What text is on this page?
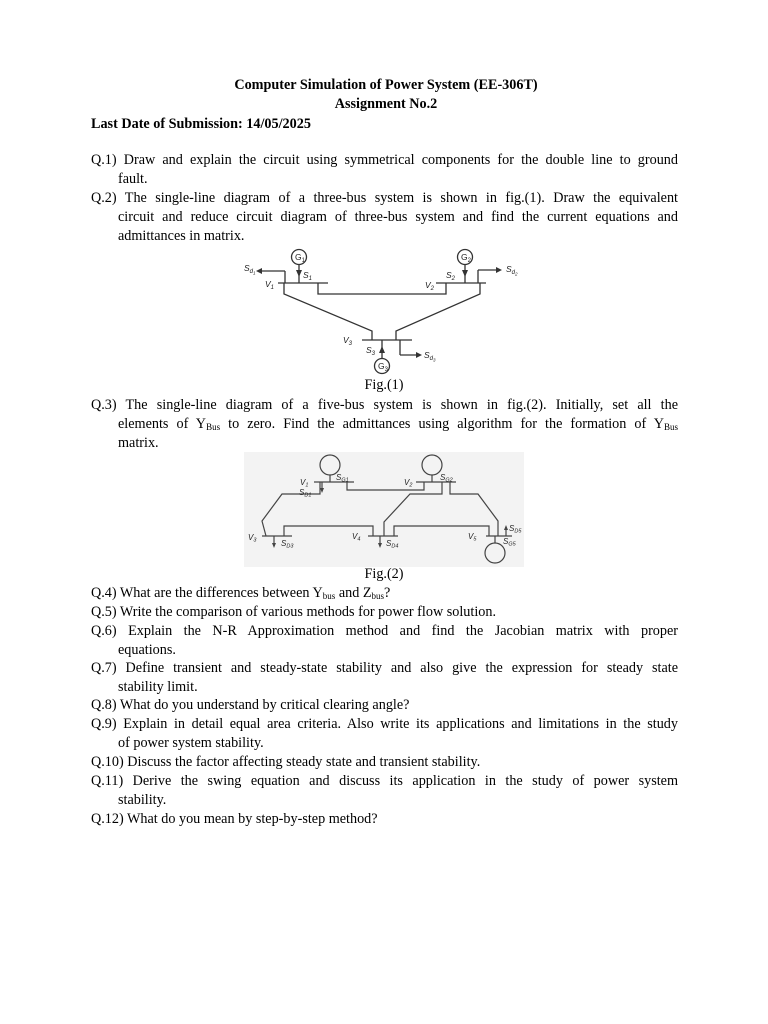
Computer Simulation of Power System (EE-306T)
Assignment No.2
Last Date of Submission: 14/05/2025
Q.1) Draw and explain the circuit using symmetrical components for the double line to ground
fault.
Q.2) The single-line diagram of a three-bus system is shown in fig.(1). Draw the equivalent
circuit and reduce circuit diagram of three-bus system and find the current equations and
admittances in matrix.
$G_1$	$G_2$
$G_3$
$S_d1$	$S_1$
$V_1$
$S_2$
$S_d2$
$V_2$
$V_3$
$S_3$	$S_d3$
Fig.(1)
Q.3) The single-line diagram of a five-bus system is shown in fig.(2). Initially, set all the
elements of $Y_{Bus}$ to zero. Find the admittances using algorithm for the formation of $Y_{Bus}$
matrix.
SG1	SG2
V1
SD1
V2
V3	SD3
V4	SD4
V5
SD5
SG5
Fig.(2)
Q.4) What are the differences between $Y_{bus}$ and $Z_{bus}$?
Q.5) Write the comparison of various methods for power flow solution.
Q.6) Explain the N-R Approximation method and find the Jacobian matrix with proper
equations.
Q.7) Define transient and steady-state stability and also give the expression for steady state
stability limit.
Q.8) What do you understand by critical clearing angle?
Q.9) Explain in detail equal area criteria. Also write its applications and limitations in the study
of power system stability.
Q.10) Discuss the factor affecting steady state and transient stability.
Q.11) Derive the swing equation and discuss its application in the study of power system
stability.
Q.12) What do you mean by step-by-step method?
